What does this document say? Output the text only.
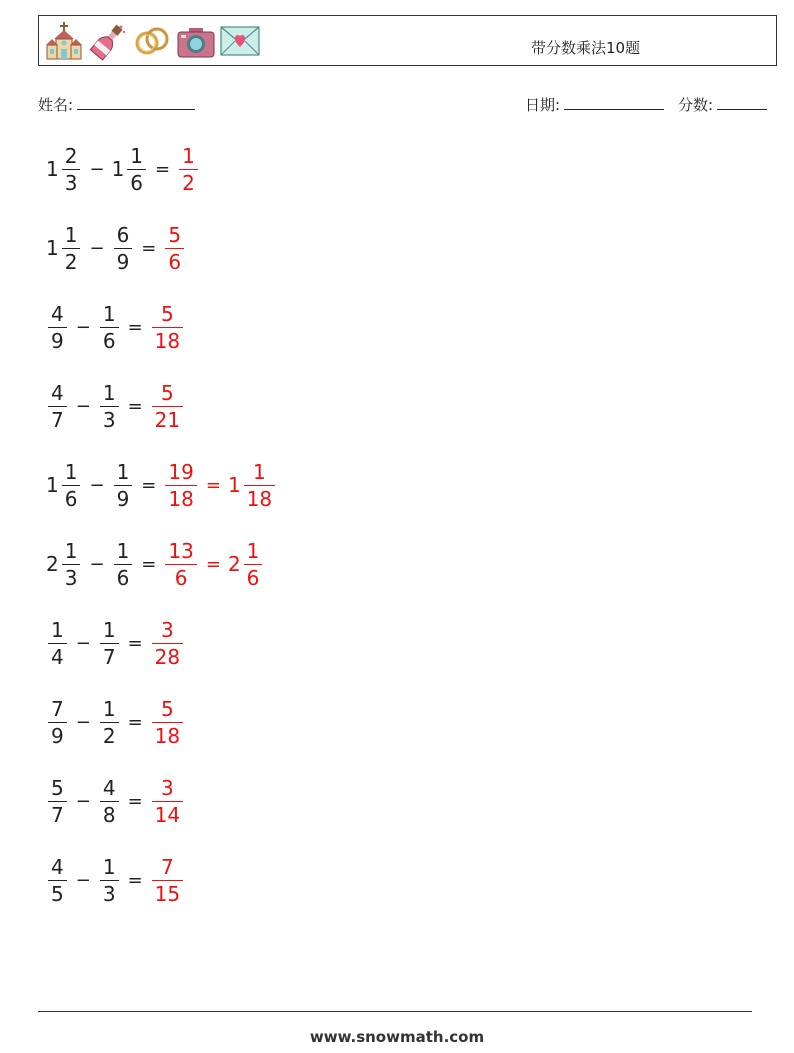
带分数乘法10题
姓名:	日期:	分数:
$1 \frac{2}{3} - 1 \frac{1}{6} = \frac{1}{2}$
$1 \frac{1}{2} - \frac{6}{9} = \frac{5}{6}$
$\frac{4}{9} - \frac{1}{6} = \frac{5}{18}$
$\frac{4}{7} - \frac{1}{3} = \frac{5}{21}$
$1 \frac{1}{6} - \frac{1}{9} = \frac{19}{18} = 1 \frac{1}{18}$
$2 \frac{1}{3} - \frac{1}{6} = \frac{13}{6} = 2 \frac{1}{6}$
$\frac{1}{4} - \frac{1}{7} = \frac{3}{28}$
$\frac{7}{9} - \frac{1}{2} = \frac{5}{18}$
$\frac{5}{7} - \frac{4}{8} = \frac{3}{14}$
$\frac{4}{5} - \frac{1}{3} = \frac{7}{15}$
www.snowmath.com
